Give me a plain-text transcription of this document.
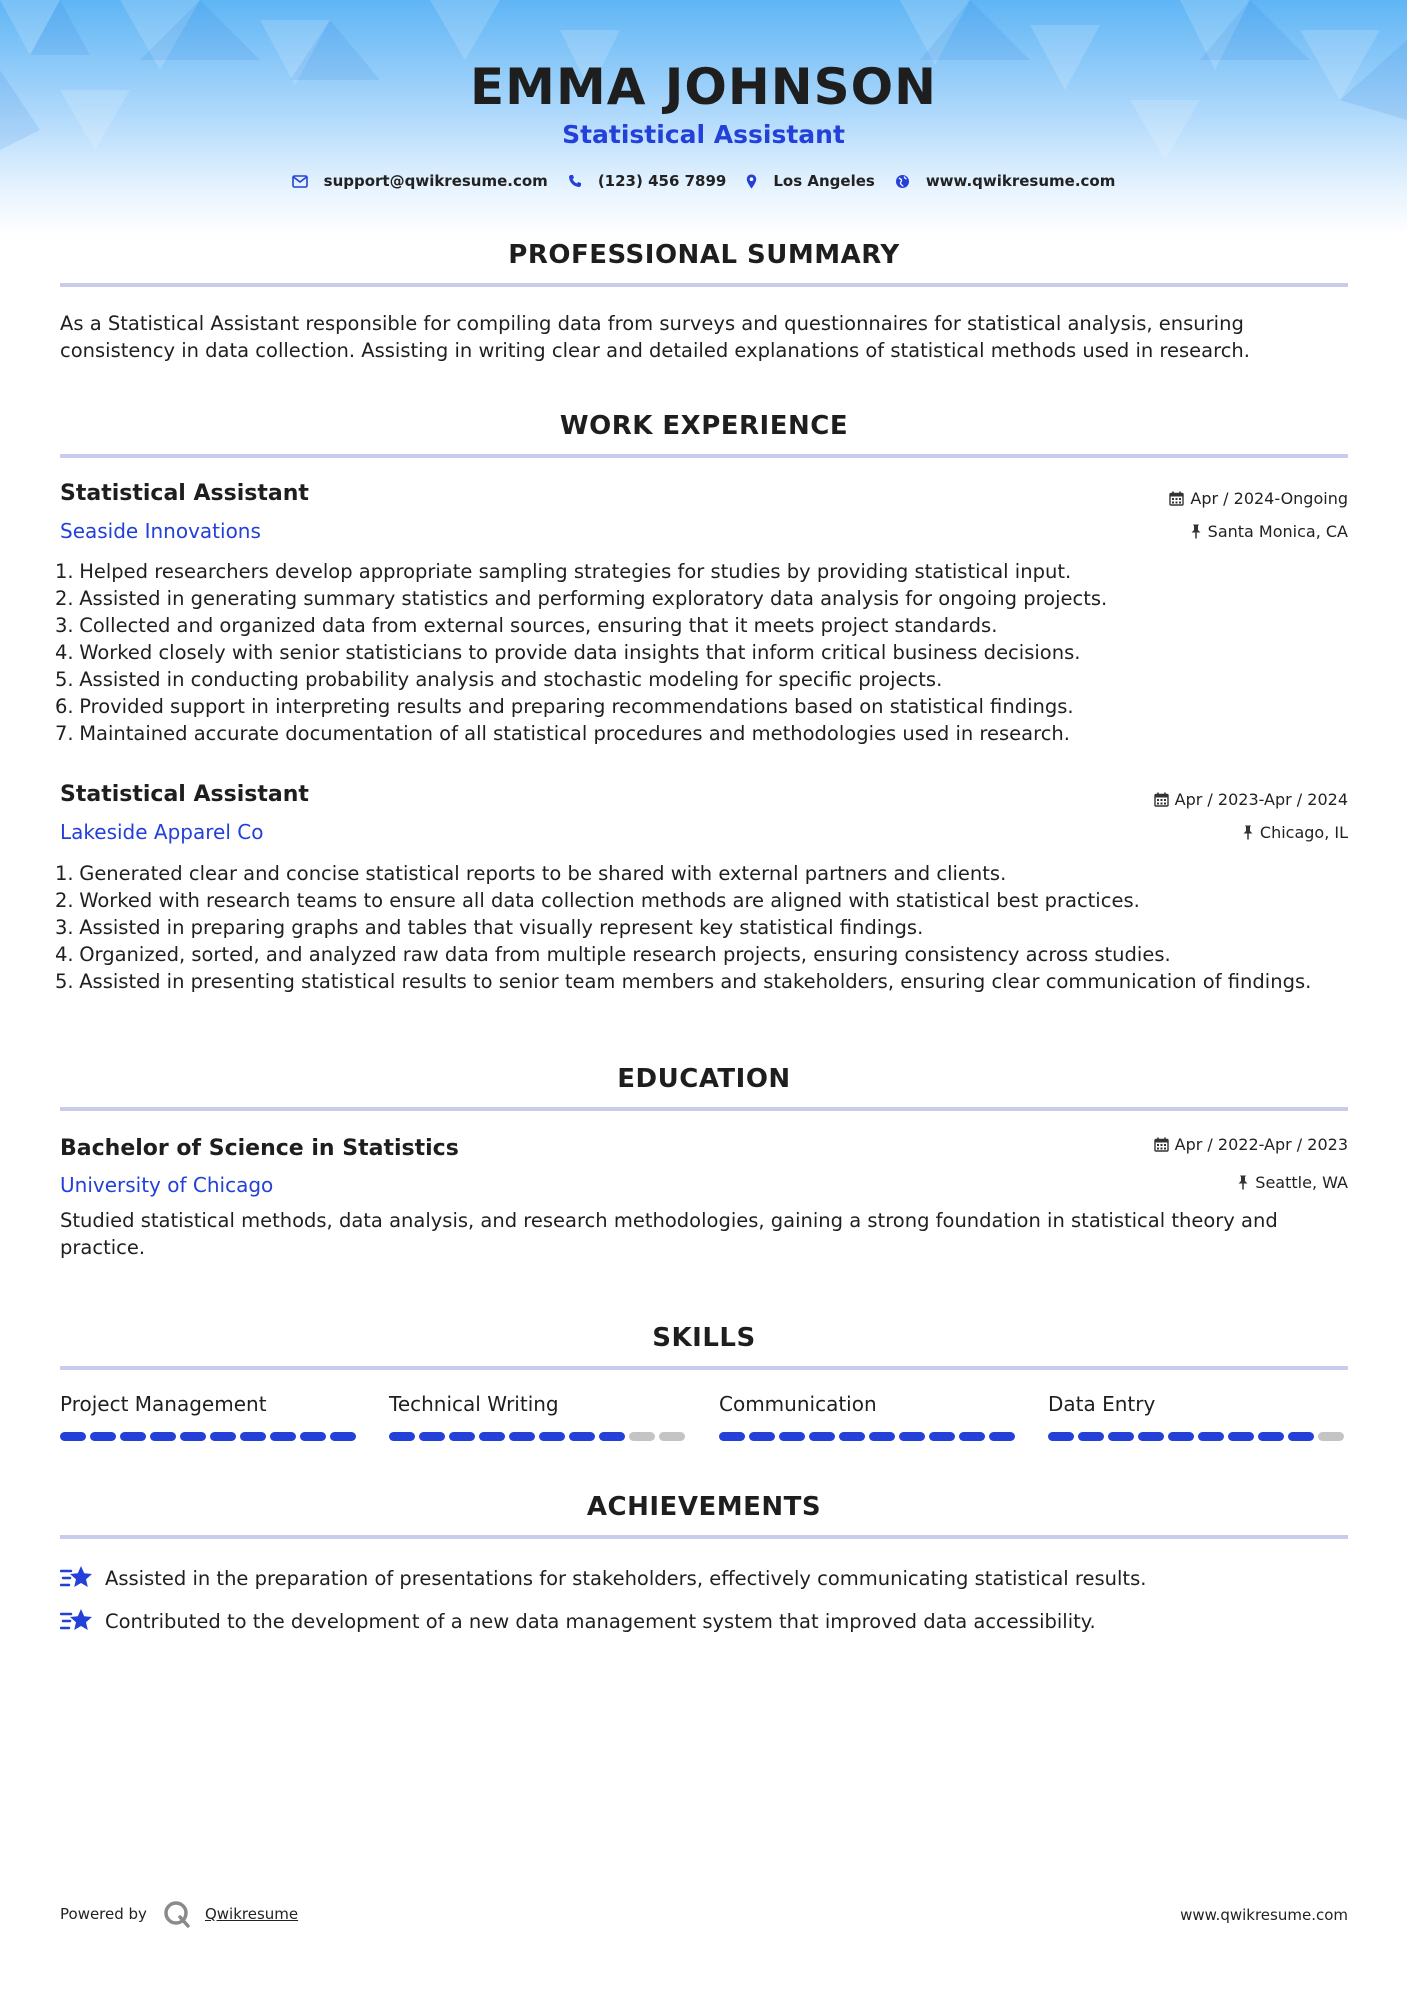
EMMA JOHNSON
Statistical Assistant
support@qwikresume.com	(123) 456 7899	Los Angeles	www.qwikresume.com
PROFESSIONAL SUMMARY
As a Statistical Assistant responsible for compiling data from surveys and questionnaires for statistical analysis, ensuring consistency in data collection. Assisting in writing clear and detailed explanations of statistical methods used in research.
WORK EXPERIENCE
Statistical Assistant	Apr / 2024-Ongoing
Seaside Innovations	Santa Monica, CA
1. Helped researchers develop appropriate sampling strategies for studies by providing statistical input.
2. Assisted in generating summary statistics and performing exploratory data analysis for ongoing projects.
3. Collected and organized data from external sources, ensuring that it meets project standards.
4. Worked closely with senior statisticians to provide data insights that inform critical business decisions.
5. Assisted in conducting probability analysis and stochastic modeling for specific projects.
6. Provided support in interpreting results and preparing recommendations based on statistical findings.
7. Maintained accurate documentation of all statistical procedures and methodologies used in research.
Statistical Assistant	Apr / 2023-Apr / 2024
Lakeside Apparel Co	Chicago, IL
1. Generated clear and concise statistical reports to be shared with external partners and clients.
2. Worked with research teams to ensure all data collection methods are aligned with statistical best practices.
3. Assisted in preparing graphs and tables that visually represent key statistical findings.
4. Organized, sorted, and analyzed raw data from multiple research projects, ensuring consistency across studies.
5. Assisted in presenting statistical results to senior team members and stakeholders, ensuring clear communication of findings.
EDUCATION
Bachelor of Science in Statistics	Apr / 2022-Apr / 2023
University of Chicago	Seattle, WA
Studied statistical methods, data analysis, and research methodologies, gaining a strong foundation in statistical theory and practice.
SKILLS
Project Management	Technical Writing	Communication	Data Entry
ACHIEVEMENTS
Assisted in the preparation of presentations for stakeholders, effectively communicating statistical results.
Contributed to the development of a new data management system that improved data accessibility.
Powered by	Qwikresume	www.qwikresume.com
